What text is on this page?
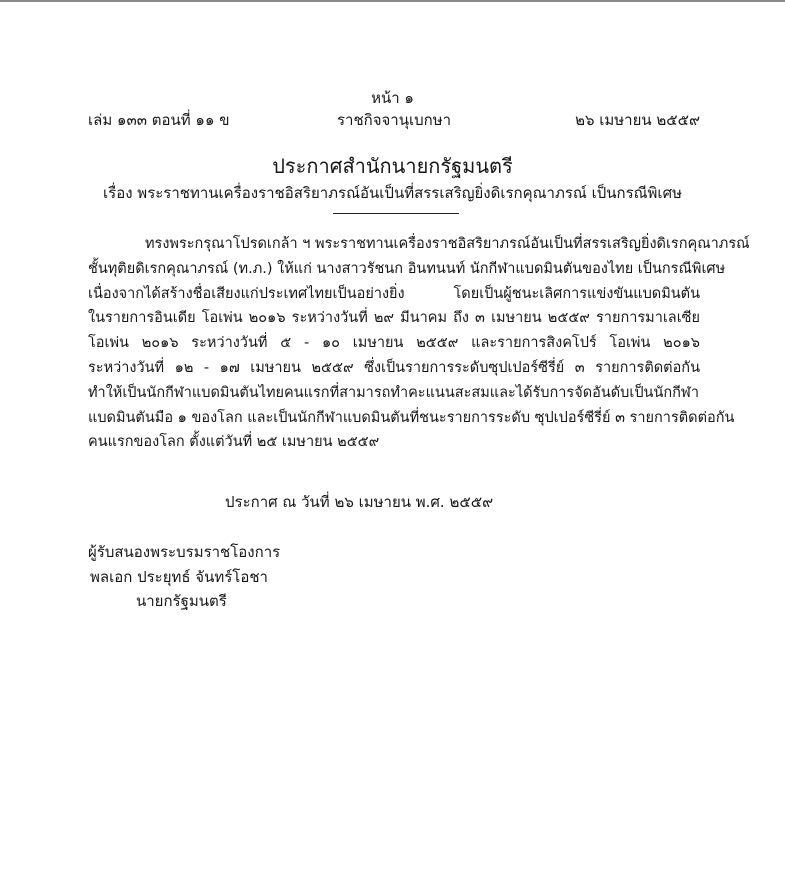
หน้า ๑
เล่ม ๑๓๓ ตอนที่ ๑๑ ข	ราชกิจจานุเบกษา	๒๖ เมษายน ๒๕๕๙
ประกาศสำนักนายกรัฐมนตรี
เรื่อง พระราชทานเครื่องราชอิสริยาภรณ์อันเป็นที่สรรเสริญยิ่งดิเรกคุณาภรณ์ เป็นกรณีพิเศษ
ทรงพระกรุณาโปรดเกล้า ฯ พระราชทานเครื่องราชอิสริยาภรณ์อันเป็นที่สรรเสริญยิ่งดิเรกคุณาภรณ์
ชั้นทุติยดิเรกคุณาภรณ์ (ท.ภ.) ให้แก่ นางสาวรัชนก อินทนนท์ นักกีฬาแบดมินตันของไทย เป็นกรณีพิเศษ
เนื่องจากได้สร้างชื่อเสียงแก่ประเทศไทยเป็นอย่างยิ่ง โดยเป็นผู้ชนะเลิศการแข่งขันแบดมินตัน
ในรายการอินเดีย โอเพ่น ๒๐๑๖ ระหว่างวันที่ ๒๙ มีนาคม ถึง ๓ เมษายน ๒๕๕๙ รายการมาเลเซีย
โอเพ่น ๒๐๑๖ ระหว่างวันที่ ๕ - ๑๐ เมษายน ๒๕๕๙ และรายการสิงคโปร์ โอเพ่น ๒๐๑๖
ระหว่างวันที่ ๑๒ - ๑๗ เมษายน ๒๕๕๙ ซึ่งเป็นรายการระดับซุปเปอร์ซีรี่ย์ ๓ รายการติดต่อกัน
ทำให้เป็นนักกีฬาแบดมินตันไทยคนแรกที่สามารถทำคะแนนสะสมและได้รับการจัดอันดับเป็นนักกีฬา
แบดมินตันมือ ๑ ของโลก และเป็นนักกีฬาแบดมินตันที่ชนะรายการระดับ ซุปเปอร์ซีรี่ย์ ๓ รายการติดต่อกัน
คนแรกของโลก ตั้งแต่วันที่ ๒๕ เมษายน ๒๕๕๙
ประกาศ ณ วันที่ ๒๖ เมษายน พ.ศ. ๒๕๕๙
ผู้รับสนองพระบรมราชโองการ
พลเอก ประยุทธ์ จันทร์โอชา
นายกรัฐมนตรี
